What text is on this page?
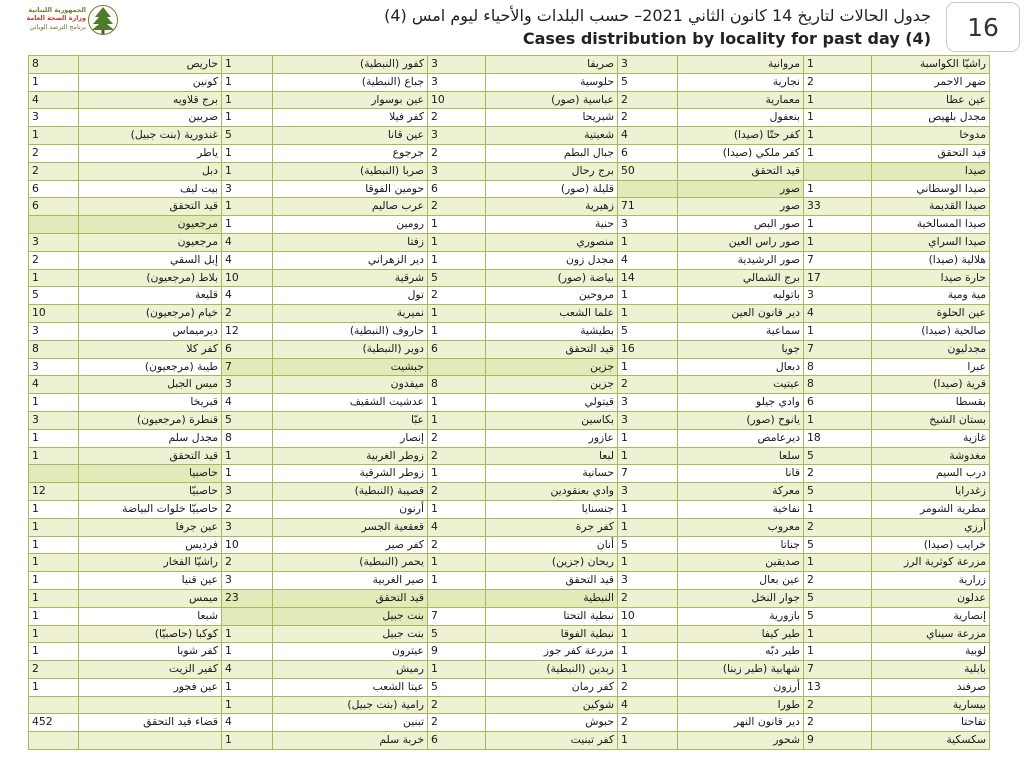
الجمهورية اللبنانية
وزارة الصحة العامة
برنامج الترصد الوبائي
جدول الحالات لتاريخ 14 كانون الثاني 2021– حسب البلدات والأحياء ليوم امس (4)
Cases distribution by locality for past day (4)	16
راشيّا الكواسبة	1	مروانية	3	صريفا	3	كفور (النبطية)	1	حاريص	8
ضهر الاحمر	2	نجارية	5	حلوسية	3	جباع (النبطية)	1	كونين	1
عين عطا	1	معمارية	2	عباسية (صور)	10	عين بوسوار	1	برج قلاويه	4
مجدل بلهيص	1	بنعفول	2	شبريحا	2	كفر فيلا	1	صربين	3
مدوخا	1	كفر حتّا (صيدا)	4	شعيتية	3	عين قانا	5	غندورية (بنت جبيل)	1
قيد التحقق	1	كفر ملكي (صيدا)	6	جبال البطم	2	جرجوع	1	ياطر	2
صيدا		قيد التحقق	50	برج رحال	3	صربا (النبطية)	1	دبل	2
صيدا الوسطاني	1	صور		قليلة (صور)	6	حومين الفوقا	3	بيت ليف	6
صيدا القديمة	33	صور	71	زهيرية	2	عرب صاليم	1	قيد التحقق	6
صيدا المسالخية	1	صور البص	3	حنية	1	رومين	1	مرجعيون	
صيدا السراي	1	صور راس العين	1	منصوري	1	زفتا	4	مرجعيون	3
هلالية (صيدا)	7	صور الرشيدية	4	مجدل زون	1	دير الزهراني	4	إبل السقي	2
حارة صيدا	17	برج الشمالي	14	بياضة (صور)	5	شرقية	10	بلاط (مرجعيون)	1
مية ومية	3	باتوليه	1	مروحين	2	تول	4	قليعة	5
عين الحلوة	4	دير قانون العين	1	علما الشعب	1	نميرية	2	خيام (مرجعيون)	10
صالحية (صيدا)	1	سماعية	5	بطيشية	1	حاروف (النبطية)	12	ديرميماس	3
مجدليون	7	جويا	16	قيد التحقق	6	دوير (النبطية)	6	كفر كلا	8
عبرا	8	دبعال	1	جزين		جبشيت	7	طيبة (مرجعيون)	3
قرية (صيدا)	8	عيتيت	2	جزين	8	ميفدون	3	ميس الجبل	4
بقسطا	6	وادي جيلو	3	قيتولي	1	عدشيت الشقيف	4	قبريخا	1
بستان الشيخ	1	يانوح (صور)	3	بكاسين	1	عبّا	5	قنطرة (مرجعيون)	3
غازية	18	ديرعامص	1	عازور	2	إنصار	8	مجدل سلم	1
مغدوشة	5	سلعا	1	لبعا	2	زوطر الغربية	1	قيد التحقق	1
درب السيم	2	قانا	7	حسانية	1	زوطر الشرقية	1	حاصبيا	
زغدرايا	5	معركة	3	وادي بعنقودين	2	قصيبة (النبطية)	3	حاصبيّا	12
مطرية الشومر	1	نفاخية	1	جنسنايا	1	أرنون	2	حاصبيّا خلوات البياضة	1
أرزي	2	معروب	1	كفر جرة	4	قعقعية الجسر	3	عين جرفا	1
خرايب (صيدا)	5	جناتا	5	أنان	2	كفر صير	10	فرديس	1
مزرعة كوثرية الرز	1	صديقين	1	ريحان (جزين)	1	يحمر (النبطية)	2	راشيّا الفخار	1
زرارية	2	عين بعال	3	قيد التحقق	1	صير الغربية	3	عين قنيا	1
عدلون	5	جوار النخل	2	النبطية		قيد التحقق	23	ميمس	1
إنصارية	5	بازورية	10	نبطية التحتا	7	بنت جبيل		شبعا	1
مزرعة سيناي	1	طير كيفا	1	نبطية الفوقا	5	بنت جبيل	1	كوكبا (حاصبيّا)	1
لوبية	1	طير دبّه	1	مزرعة كفر جوز	9	عيترون	1	كفر شوبا	1
بابلية	7	شهابية (طير زبنا)	1	زبدين (النبطية)	1	رميش	4	كفير الزيت	2
صرفند	13	أرزون	2	كفر رمان	5	عيتا الشعب	1	عين فجور	1
بيسارية	2	طورا	4	شوكين	2	رامية (بنت جبيل)	1		
تفاحتا	2	دير قانون النهر	2	حبوش	2	تبنين	4	قضاء قيد التحقق	452
سكسكية	9	شحور	1	كفر تبنيت	6	خربة سلم	1		
